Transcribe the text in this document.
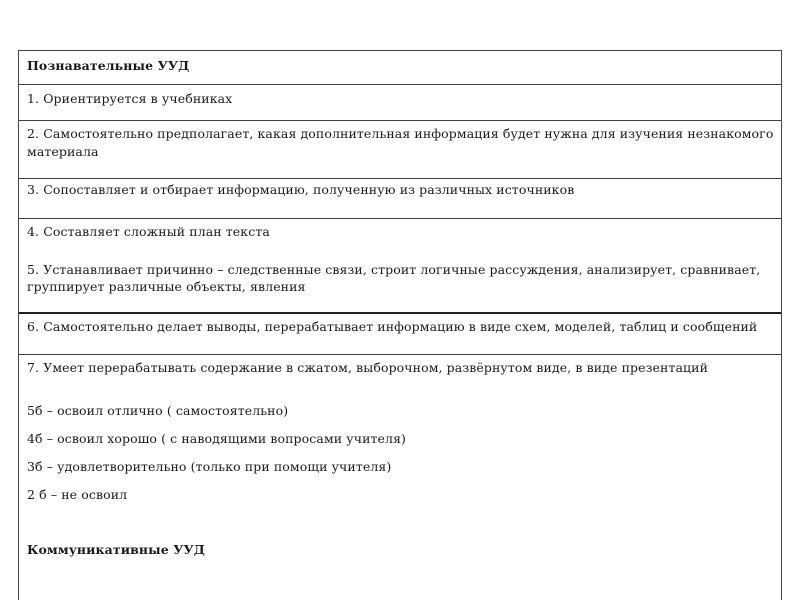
Познавательные УУД
1. Ориентируется в учебниках
2. Самостоятельно предполагает, какая дополнительная информация будет нужна для изучения незнакомого
материала
3. Сопоставляет и отбирает информацию, полученную из различных источников
4. Составляет сложный план текста
5. Устанавливает причинно – следственные связи, строит логичные рассуждения, анализирует, сравнивает,
группирует различные объекты, явления
6. Самостоятельно делает выводы, перерабатывает информацию в виде схем, моделей, таблиц и сообщений
7. Умеет перерабатывать содержание в сжатом, выборочном, развёрнутом виде, в виде презентаций
5б – освоил отлично ( самостоятельно)
4б – освоил хорошо ( с наводящими вопросами учителя)
3б – удовлетворительно (только при помощи учителя)
2 б – не освоил
Коммуникативные УУД
